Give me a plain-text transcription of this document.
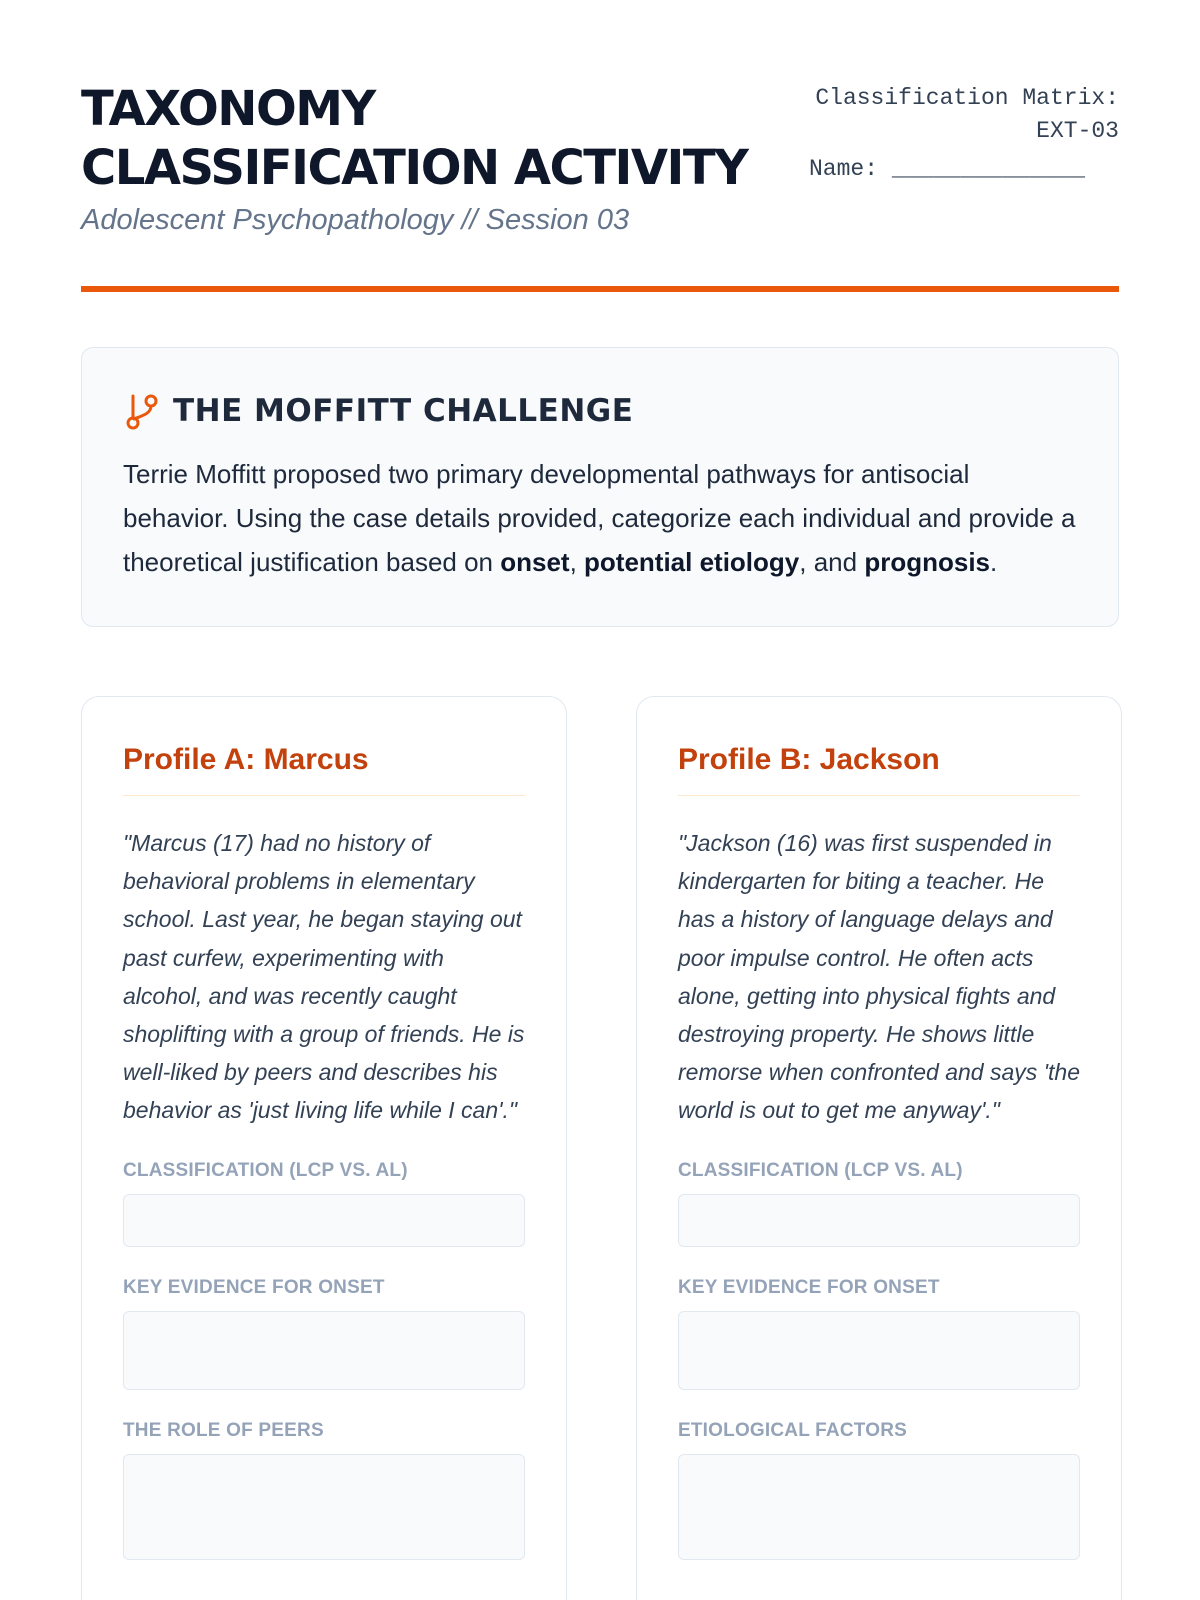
TAXONOMY CLASSIFICATION ACTIVITY
Adolescent Psychopathology // Session 03
Classification Matrix:
EXT-03
Name: ______________
THE MOFFITT CHALLENGE

Terrie Moffitt proposed two primary developmental pathways for antisocial behavior. Using the case details provided, categorize each individual and provide a theoretical justification based on onset, potential etiology, and prognosis.

Profile A: Marcus

"Marcus (17) had no history of behavioral problems in elementary school. Last year, he began staying out past curfew, experimenting with alcohol, and was recently caught shoplifting with a group of friends. He is well-liked by peers and describes his behavior as 'just living life while I can'."

CLASSIFICATION (LCP VS. AL)
KEY EVIDENCE FOR ONSET
THE ROLE OF PEERS
Profile B: Jackson

"Jackson (16) was first suspended in kindergarten for biting a teacher. He has a history of language delays and poor impulse control. He often acts alone, getting into physical fights and destroying property. He shows little remorse when confronted and says 'the world is out to get me anyway'."

CLASSIFICATION (LCP VS. AL)
KEY EVIDENCE FOR ONSET
ETIOLOGICAL FACTORS
